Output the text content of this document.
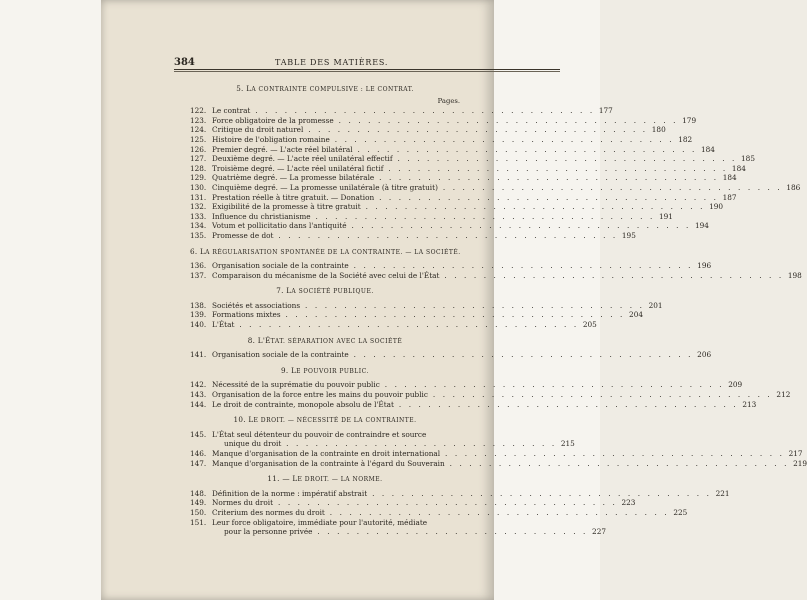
384	TABLE DES MATIÈRES.
5. LA CONTRAINTE COMPULSIVE : LE CONTRAT.
Pages.
122. Le contrat . . . . . . . . . . . . . . . . . . . . . . . . . . . . . . . . . . . 177
123. Force obligatoire de la promesse . . . . . . . . . . . . . . . . . . . . . . . . . . . . . . . . . . . 179
124. Critique du droit naturel . . . . . . . . . . . . . . . . . . . . . . . . . . . . . . . . . . . 180
125. Histoire de l'obligation romaine . . . . . . . . . . . . . . . . . . . . . . . . . . . . . . . . . . . 182
126. Premier degré. — L'acte réel bilatéral . . . . . . . . . . . . . . . . . . . . . . . . . . . . . . . . . . . 184
127. Deuxième degré. — L'acte réel unilatéral effectif . . . . . . . . . . . . . . . . . . . . . . . . . . . . . . . . . . . 185
128. Troisième degré. — L'acte réel unilatéral fictif . . . . . . . . . . . . . . . . . . . . . . . . . . . . . . . . . . . 184
129. Quatrième degré. — La promesse bilatérale . . . . . . . . . . . . . . . . . . . . . . . . . . . . . . . . . . . 184
130. Cinquième degré. — La promesse unilatérale (à titre gratuit) . . . . . . . . . . . . . . . . . . . . . . . . . . . . . . . . . . . 186
131. Prestation réelle à titre gratuit. — Donation . . . . . . . . . . . . . . . . . . . . . . . . . . . . . . . . . . . 187
132. Exigibilité de la promesse à titre gratuit . . . . . . . . . . . . . . . . . . . . . . . . . . . . . . . . . . . 190
133. Influence du christianisme . . . . . . . . . . . . . . . . . . . . . . . . . . . . . . . . . . . 191
134. Votum et pollicitatio dans l'antiquité . . . . . . . . . . . . . . . . . . . . . . . . . . . . . . . . . . . 194
135. Promesse de dot . . . . . . . . . . . . . . . . . . . . . . . . . . . . . . . . . . . 195
6. LA RÉGULARISATION SPONTANÉE DE LA CONTRAINTE. — LA SOCIÉTÉ.
136. Organisation sociale de la contrainte . . . . . . . . . . . . . . . . . . . . . . . . . . . . . . . . . . . 196
137. Comparaison du mécanisme de la Société avec celui de l'État . . . . . . . . . . . . . . . . . . . . . . . . . . . . . . . . . . . 198
7. LA SOCIÉTÉ PUBLIQUE.
138. Sociétés et associations . . . . . . . . . . . . . . . . . . . . . . . . . . . . . . . . . . . 201
139. Formations mixtes . . . . . . . . . . . . . . . . . . . . . . . . . . . . . . . . . . . 204
140. L'État . . . . . . . . . . . . . . . . . . . . . . . . . . . . . . . . . . . 205
8. L'ÉTAT. SÉPARATION AVEC LA SOCIÉTÉ
141. Organisation sociale de la contrainte . . . . . . . . . . . . . . . . . . . . . . . . . . . . . . . . . . . 206
9. LE POUVOIR PUBLIC.
142. Nécessité de la suprématie du pouvoir public . . . . . . . . . . . . . . . . . . . . . . . . . . . . . . . . . . . 209
143. Organisation de la force entre les mains du pouvoir public . . . . . . . . . . . . . . . . . . . . . . . . . . . . . . . . . . . 212
144. Le droit de contrainte, monopole absolu de l'État . . . . . . . . . . . . . . . . . . . . . . . . . . . . . . . . . . . 213
10. LE DROIT. — NÉCESSITÉ DE LA CONTRAINTE.
145. L'État seul détenteur du pouvoir de contraindre et source
unique du droit . . . . . . . . . . . . . . . . . . . . . . . . . . . .
215
146. Manque d'organisation de la contrainte en droit international . . . . . . . . . . . . . . . . . . . . . . . . . . . . . . . . . . . 217
147. Manque d'organisation de la contrainte à l'égard du Souverain . . . . . . . . . . . . . . . . . . . . . . . . . . . . . . . . . . . 219
11. — LE DROIT. — LA NORME.
148. Définition de la norme : impératif abstrait . . . . . . . . . . . . . . . . . . . . . . . . . . . . . . . . . . . 221
149. Normes du droit . . . . . . . . . . . . . . . . . . . . . . . . . . . . . . . . . . . 223
150. Criterium des normes du droit . . . . . . . . . . . . . . . . . . . . . . . . . . . . . . . . . . . 225
151. Leur force obligatoire, immédiate pour l'autorité, médiate
pour la personne privée . . . . . . . . . . . . . . . . . . . . . . . . . . . .
227
